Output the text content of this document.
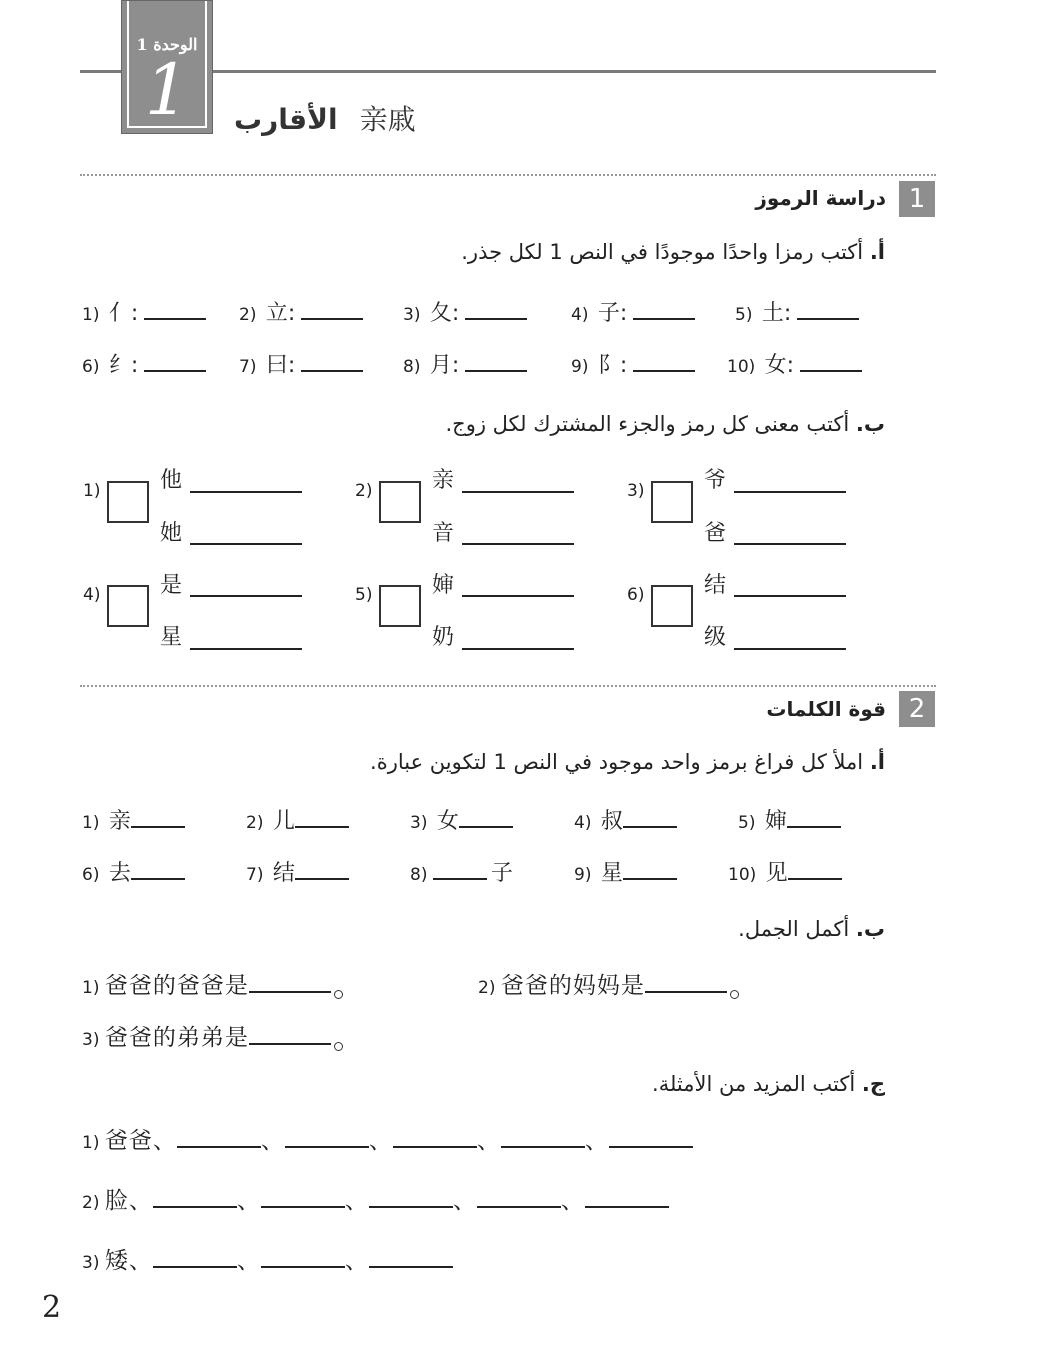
الوحدة 1
1	الأقارب 亲戚
1
دراسة الرموز
أ. أكتب رمزا واحدًا موجودًا في النص 1 لكل جذر.
1) 亻:	2) 立:	3) 夂:	4) 子:	5) 土:
6) 纟:	7) 曰:	8) 月:	9) 阝:	10) 女:
ب. أكتب معنى كل رمز والجزء المشترك لكل زوج.
1)	他
她
2)	亲
音
3)	爷
爸
4)	是
星
5)	婶
奶
6)	结
级
2
قوة الكلمات
أ. املأ كل فراغ برمز واحد موجود في النص 1 لتكوين عبارة.
1) 亲	2) 儿	3) 女	4) 叔	5) 婶
6) 去	7) 结	8)	子	9) 星	10) 见
ب. أكمل الجمل.
1) 爸爸的爸爸是	2) 爸爸的妈妈是
3) 爸爸的弟弟是
ج. أكتب المزيد من الأمثلة.
1) 爸爸、	、	、	、	、
2) 脸、	、	、	、	、
3) 矮、	、	、
2
